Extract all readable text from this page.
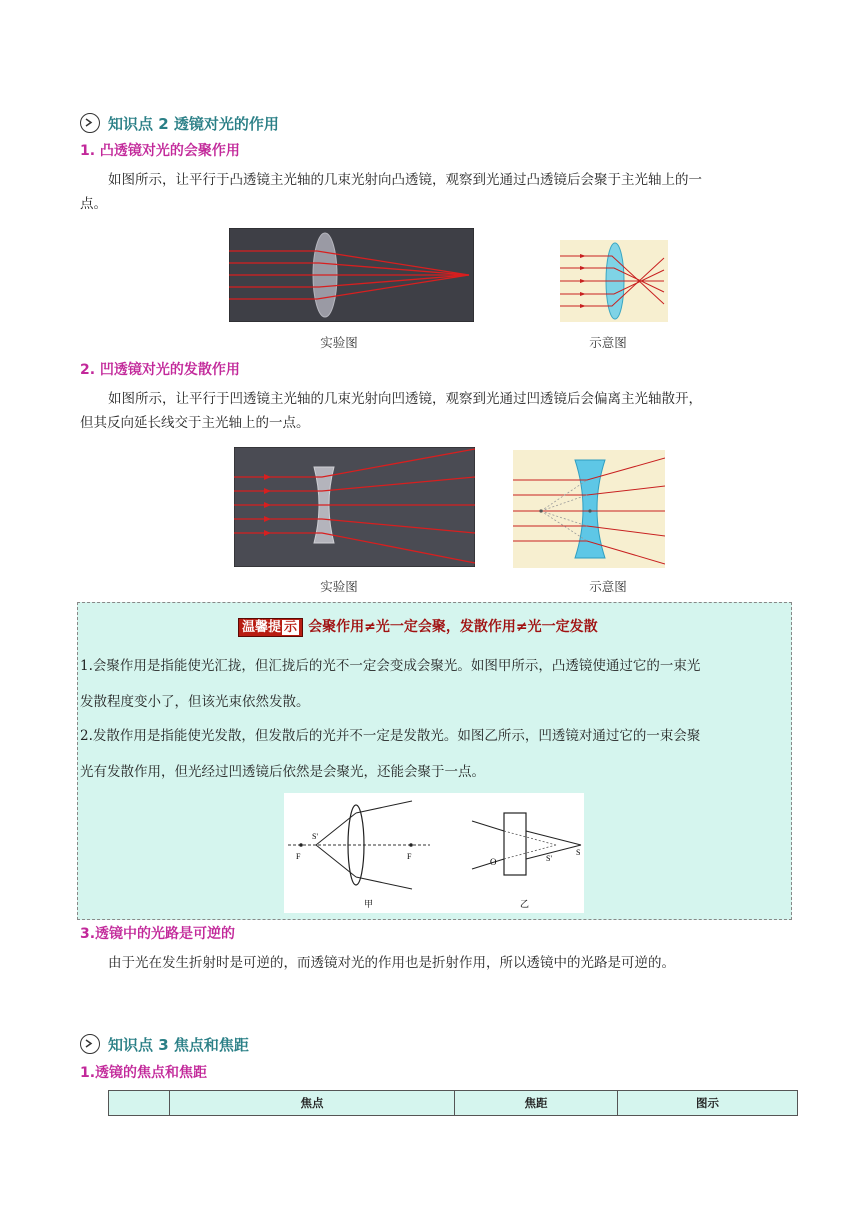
知识点 2 透镜对光的作用
1. 凸透镜对光的会聚作用
如图所示，让平行于凸透镜主光轴的几束光射向凸透镜，观察到光通过凸透镜后会聚于主光轴上的一
点。
实验图	示意图
2. 凹透镜对光的发散作用
如图所示，让平行于凹透镜主光轴的几束光射向凹透镜，观察到光通过凹透镜后会偏离主光轴散开，
但其反向延长线交于主光轴上的一点。
实验图	示意图
温馨提 示 会聚作用≠光一定会聚，发散作用≠光一定发散
1.会聚作用是指能使光汇拢，但汇拢后的光不一定会变成会聚光。如图甲所示，凸透镜使通过它的一束光
发散程度变小了，但该光束依然发散。
2.发散作用是指能使光发散，但发散后的光并不一定是发散光。如图乙所示，凹透镜对通过它的一束会聚
光有发散作用，但光经过凹透镜后依然是会聚光，还能会聚于一点。
F	F
S'
甲
O	S'
S
乙
3.透镜中的光路是可逆的
由于光在发生折射时是可逆的，而透镜对光的作用也是折射作用，所以透镜中的光路是可逆的。
知识点 3 焦点和焦距
1.透镜的焦点和焦距
	焦点	焦距	图示
